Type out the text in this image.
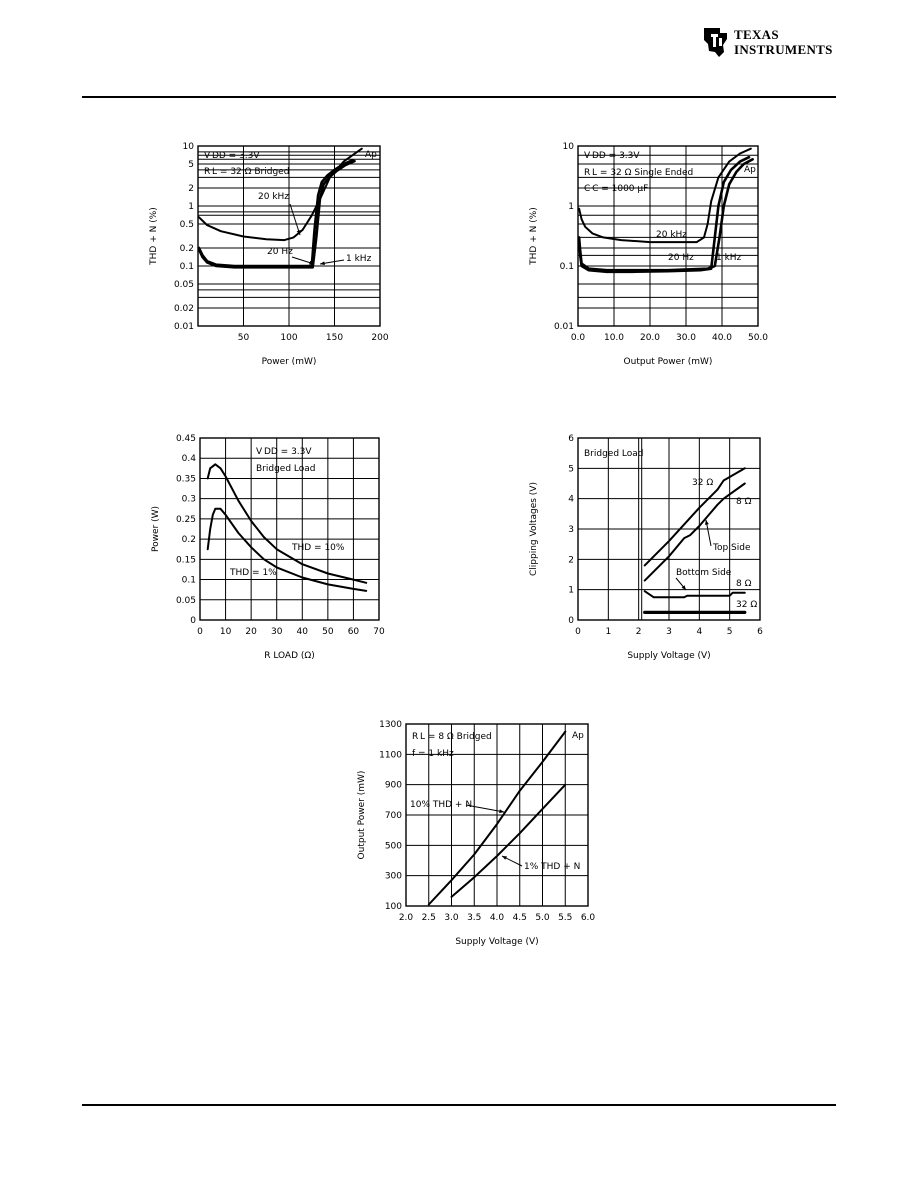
TEXAS
INSTRUMENTS
50	100	150	200
10
5
2
1
0.5
0.2
0.1
0.05
0.02
0.01
Power (mW)
THD + N (%)
V DD = 3.3V
R L = 32 Ω Bridged
Ap
20 kHz
20 Hz
1 kHz
0.0 10.0 20.0 30.0 40.0 50.0
10
1
0.1
0.01
Output Power (mW)
THD + N (%)
V DD = 3.3V
R L = 32 Ω Single Ended
C C = 1000 μF
Ap
20 kHz
20 Hz 1 kHz
0 10 20 30 40 50 60 70
0
0.05
0.1
0.15
0.2
0.25
0.3
0.35
0.4
0.45
R LOAD (Ω)
Power (W)
V DD = 3.3V
Bridged Load
THD = 10%
THD = 1%
0	1	2	3	4	5	6
0
1
2
3
4
5
6
Supply Voltage (V)
Clipping Voltages (V)
Bridged Load
32 Ω
8 Ω
Top Side
Bottom Side
8 Ω
32 Ω
2.0 2.5 3.0 3.5 4.0 4.5 5.0 5.5 6.0
100
300
500
700
900
1100
1300
Supply Voltage (V)
Output Power (mW)
R L = 8 Ω Bridged
f = 1 kHz
Ap
10% THD + N
1% THD + N
